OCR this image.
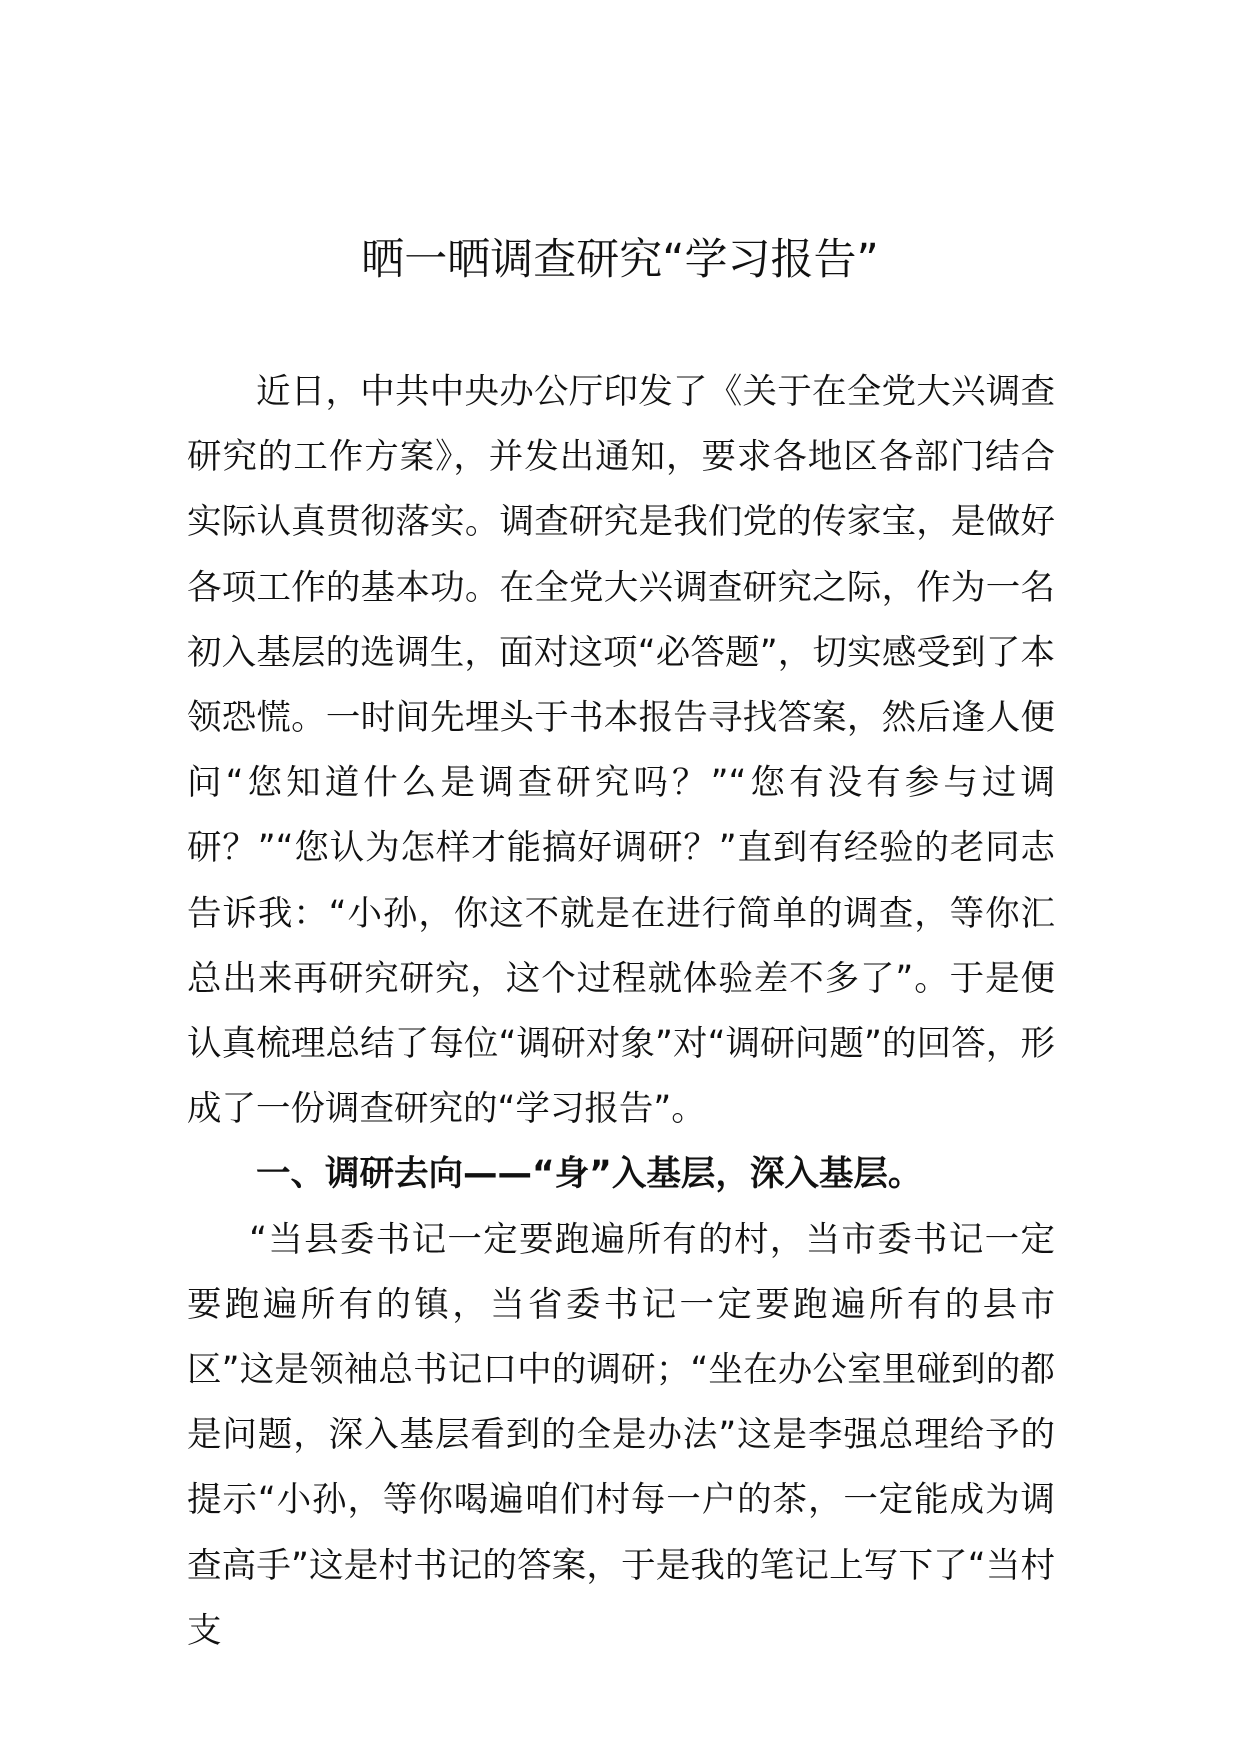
晒一晒调查研究“学习报告”

近日，中共中央办公厅印发了《关于在全党大兴调查研究的工作方案》，并发出通知，要求各地区各部门结合实际认真贯彻落实。调查研究是我们党的传家宝，是做好各项工作的基本功。在全党大兴调查研究之际，作为一名初入基层的选调生，面对这项“必答题”，切实感受到了本领恐慌。一时间先埋头于书本报告寻找答案，然后逢人便问“您知道什么是调查研究吗？”“您有没有参与过调研？”“您认为怎样才能搞好调研？”直到有经验的老同志告诉我：“小孙，你这不就是在进行简单的调查，等你汇总出来再研究研究，这个过程就体验差不多了”。于是便认真梳理总结了每位“调研对象”对“调研问题”的回答，形成了一份调查研究的“学习报告”。

一、调研去向——“身”入基层，深入基层。

“当县委书记一定要跑遍所有的村，当市委书记一定要跑遍所有的镇，当省委书记一定要跑遍所有的县市区”这是领袖总书记口中的调研；“坐在办公室里碰到的都是问题，深入基层看到的全是办法”这是李强总理给予的提示“小孙，等你喝遍咱们村每一户的茶，一定能成为调查高手”这是村书记的答案，于是我的笔记上写下了“当村支
